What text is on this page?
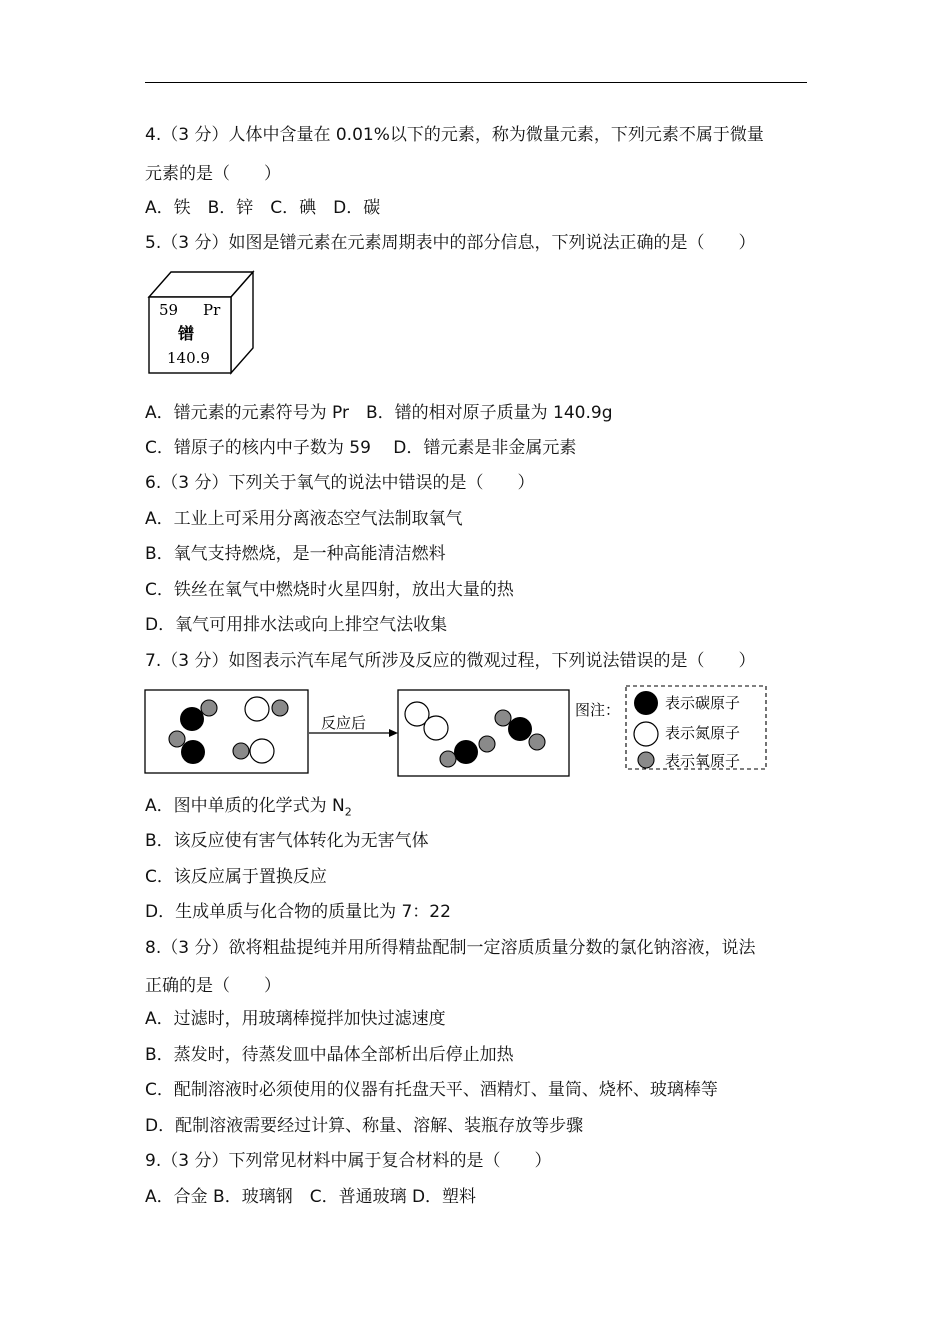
4.（3 分）人体中含量在 0.01%以下的元素，称为微量元素，下列元素不属于微量
元素的是（　　）
A．铁　B．锌　C．碘　D．碳
5.（3 分）如图是镨元素在元素周期表中的部分信息，下列说法正确的是（　　）
59 Pr
镨
140.9
A．镨元素的元素符号为 Pr　B．镨的相对原子质量为 140.9g
C．镨原子的核内中子数为 59　 D．镨元素是非金属元素
6.（3 分）下列关于氧气的说法中错误的是（　　）
A．工业上可采用分离液态空气法制取氧气
B．氧气支持燃烧，是一种高能清洁燃料
C．铁丝在氧气中燃烧时火星四射，放出大量的热
D．氧气可用排水法或向上排空气法收集
7.（3 分）如图表示汽车尾气所涉及反应的微观过程，下列说法错误的是（　　）
反应后
图注：	表示碳原子
表示氮原子
表示氧原子
A．图中单质的化学式为 $N_2$
B．该反应使有害气体转化为无害气体
C．该反应属于置换反应
D．生成单质与化合物的质量比为 7：22
8.（3 分）欲将粗盐提纯并用所得精盐配制一定溶质质量分数的氯化钠溶液，说法
正确的是（　　）
A．过滤时，用玻璃棒搅拌加快过滤速度
B．蒸发时，待蒸发皿中晶体全部析出后停止加热
C．配制溶液时必须使用的仪器有托盘天平、酒精灯、量筒、烧杯、玻璃棒等
D．配制溶液需要经过计算、称量、溶解、装瓶存放等步骤
9.（3 分）下列常见材料中属于复合材料的是（　　）
A．合金 B．玻璃钢　C．普通玻璃 D．塑料
